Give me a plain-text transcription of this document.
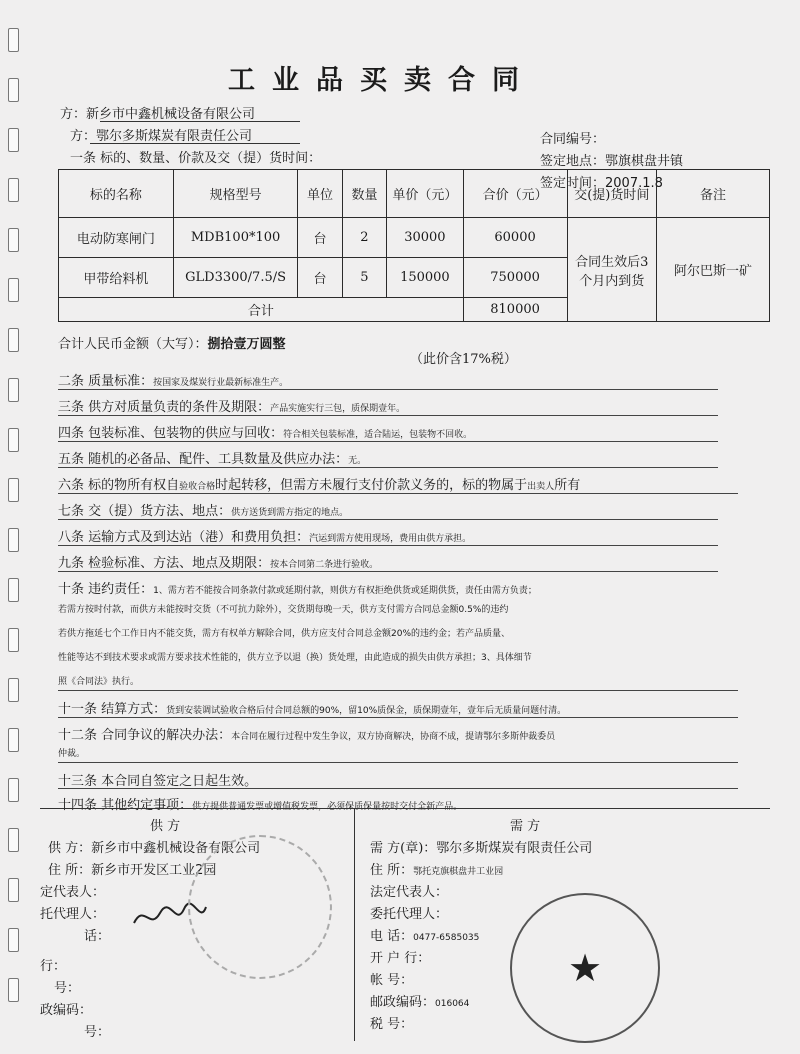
工业品买卖合同
方：新乡市中鑫机械设备有限公司
方：鄂尔多斯煤炭有限责任公司
一条 标的、数量、价款及交（提）货时间：
合同编号：
签定地点：鄂旗棋盘井镇
签定时间：2007.1.8
标的名称	规格型号	单位	数量	单价（元）	合价（元）	交(提)货时间	备注
电动防寒闸门	MDB100*100	台	2	30000	60000	合同生效后3个月内到货	阿尔巴斯一矿
甲带给料机	GLD3300/7.5/S	台	5	150000	750000		
合计					810000		
合计人民币金额（大写）：捌拾壹万圆整
（此价含17%税）
二条 质量标准：按国家及煤炭行业最新标准生产。
三条 供方对质量负责的条件及期限：产品实施实行三包，质保期壹年。
四条 包装标准、包装物的供应与回收：符合相关包装标准，适合陆运，包装物不回收。
五条 随机的必备品、配件、工具数量及供应办法：无。
六条 标的物所有权自验收合格时起转移，但需方未履行支付价款义务的，标的物属于出卖人所有
七条 交（提）货方法、地点：供方送货到需方指定的地点。
八条 运输方式及到达站（港）和费用负担：汽运到需方使用现场，费用由供方承担。
九条 检验标准、方法、地点及期限：按本合同第二条进行验收。
十条 违约责任：1、需方若不能按合同条款付款或延期付款，则供方有权拒绝供货或延期供货，责任由需方负责；
若需方按时付款，而供方未能按时交货（不可抗力除外），交货期每晚一天，供方支付需方合同总金额0.5%的违约
若供方拖延七个工作日内不能交货，需方有权单方解除合同，供方应支付合同总金额20%的违约金；若产品质量、
性能等达不到技术要求或需方要求技术性能的，供方立予以退（换）货处理，由此造成的损失由供方承担；3、具体细节
照《合同法》执行。
十一条 结算方式：货到安装调试验收合格后付合同总额的90%，留10%质保金，质保期壹年，壹年后无质量问题付清。
十二条 合同争议的解决办法：本合同在履行过程中发生争议，双方协商解决，协商不成，提请鄂尔多斯仲裁委员
仲裁。
十三条 本合同自签定之日起生效。
十四条 其他约定事项：供方提供普通发票或增值税发票，必须保质保量按时交付全新产品。
供 方
供 方：新乡市中鑫机械设备有限公司
住 所：新乡市开发区工业2园
定代表人：
托代理人：
话：
行：
号：
政编码：
号：
需 方
需 方(章)：鄂尔多斯煤炭有限责任公司
住 所：鄂托克旗棋盘井工业园
法定代表人：
委托代理人：
电 话：0477-6585035
开 户 行：
帐 号：
邮政编码：016064
税 号：
★
